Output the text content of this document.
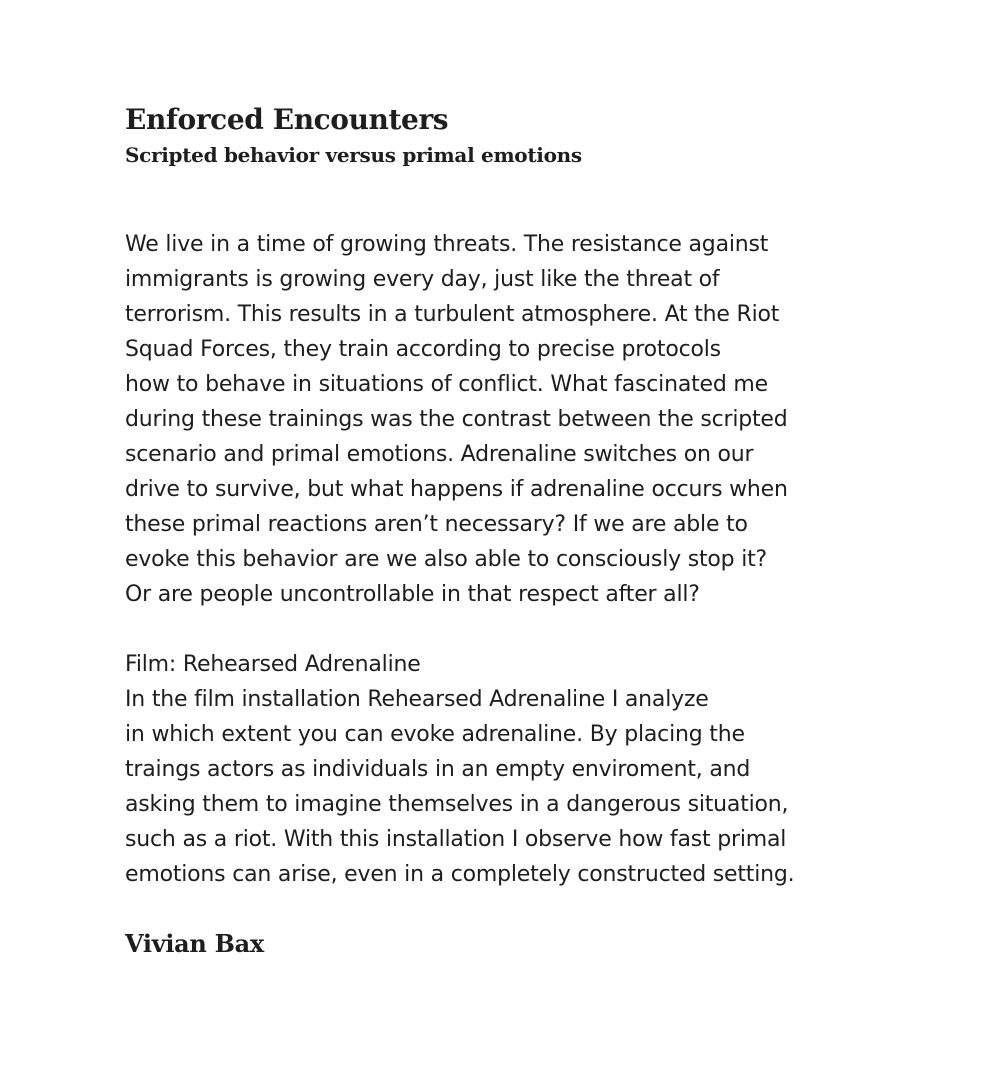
Enforced Encounters
Scripted behavior versus primal emotions

We live in a time of growing threats. The resistance against
immigrants is growing every day, just like the threat of
terrorism. This results in a turbulent atmosphere. At the Riot
Squad Forces, they train according to precise protocols
how to behave in situations of conflict. What fascinated me
during these trainings was the contrast between the scripted
scenario and primal emotions. Adrenaline switches on our
drive to survive, but what happens if adrenaline occurs when
these primal reactions aren’t necessary? If we are able to
evoke this behavior are we also able to consciously stop it?
Or are people uncontrollable in that respect after all?

Film: Rehearsed Adrenaline

In the film installation Rehearsed Adrenaline I analyze
in which extent you can evoke adrenaline. By placing the
traings actors as individuals in an empty enviroment, and
asking them to imagine themselves in a dangerous situation,
such as a riot. With this installation I observe how fast primal
emotions can arise, even in a completely constructed setting.

Vivian Bax
